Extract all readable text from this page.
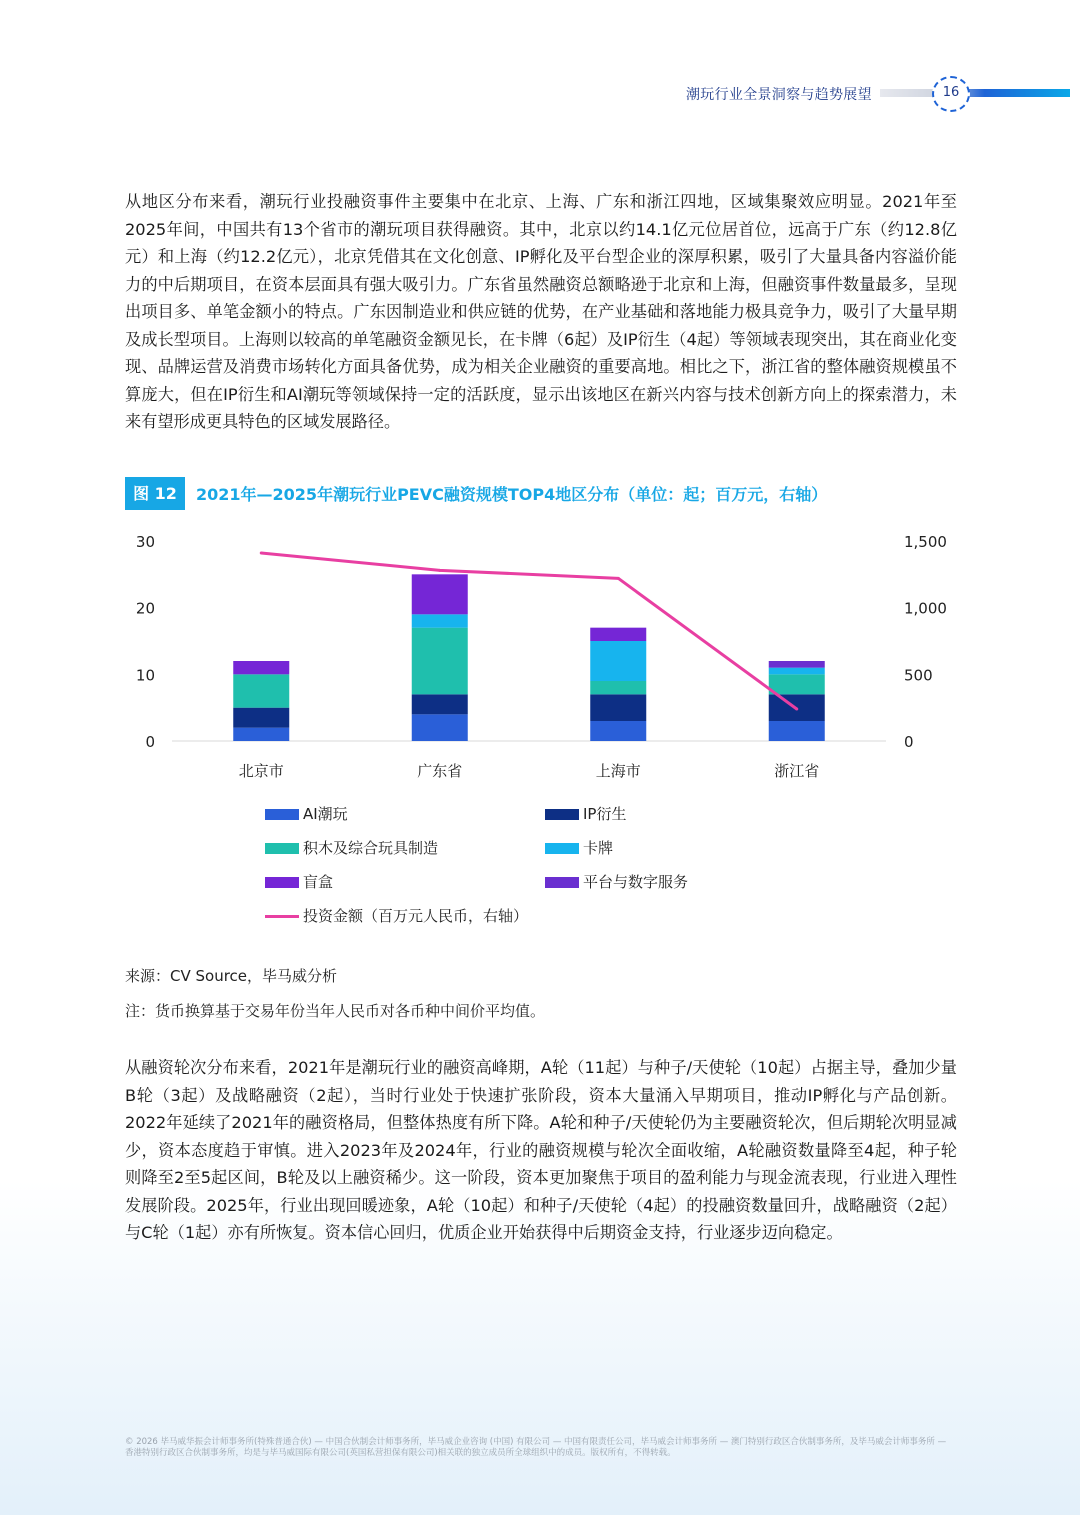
潮玩行业全景洞察与趋势展望	16
从地区分布来看，潮玩行业投融资事件主要集中在北京、上海、广东和浙江四地，区域集聚效应明显。2021年至2025年间，中国共有13个省市的潮玩项目获得融资。其中，北京以约14.1亿元位居首位，远高于广东（约12.8亿元）和上海（约12.2亿元），北京凭借其在文化创意、IP孵化及平台型企业的深厚积累，吸引了大量具备内容溢价能力的中后期项目，在资本层面具有强大吸引力。广东省虽然融资总额略逊于北京和上海，但融资事件数量最多，呈现出项目多、单笔金额小的特点。广东因制造业和供应链的优势，在产业基础和落地能力极具竞争力，吸引了大量早期及成长型项目。上海则以较高的单笔融资金额见长，在卡牌（6起）及IP衍生（4起）等领域表现突出，其在商业化变现、品牌运营及消费市场转化方面具备优势，成为相关企业融资的重要高地。相比之下，浙江省的整体融资规模虽不算庞大，但在IP衍生和AI潮玩等领域保持一定的活跃度，显示出该地区在新兴内容与技术创新方向上的探索潜力，未来有望形成更具特色的区域发展路径。
图 12	2021年—2025年潮玩行业PEVC融资规模TOP4地区分布（单位：起；百万元，右轴）
0
10
20
30
0
500
1,000
1,500
北京市	广东省	上海市	浙江省
AI潮玩	IP衍生
积木及综合玩具制造	卡牌
盲盒	平台与数字服务
投资金额（百万元人民币，右轴）
来源：CV Source，毕马威分析
注：货币换算基于交易年份当年人民币对各币种中间价平均值。
从融资轮次分布来看，2021年是潮玩行业的融资高峰期，A轮（11起）与种子/天使轮（10起）占据主导，叠加少量B轮（3起）及战略融资（2起），当时行业处于快速扩张阶段，资本大量涌入早期项目，推动IP孵化与产品创新。2022年延续了2021年的融资格局，但整体热度有所下降。A轮和种子/天使轮仍为主要融资轮次，但后期轮次明显减少，资本态度趋于审慎。进入2023年及2024年，行业的融资规模与轮次全面收缩，A轮融资数量降至4起，种子轮则降至2至5起区间，B轮及以上融资稀少。这一阶段，资本更加聚焦于项目的盈利能力与现金流表现，行业进入理性发展阶段。2025年，行业出现回暖迹象，A轮（10起）和种子/天使轮（4起）的投融资数量回升，战略融资（2起）与C轮（1起）亦有所恢复。资本信心回归，优质企业开始获得中后期资金支持，行业逐步迈向稳定。
© 2026 毕马威华振会计师事务所(特殊普通合伙) — 中国合伙制会计师事务所，毕马威企业咨询 (中国) 有限公司 — 中国有限责任公司，毕马威会计师事务所 — 澳门特别行政区合伙制事务所，及毕马威会计师事务所 — 香港特别行政区合伙制事务所，均是与毕马威国际有限公司(英国私营担保有限公司)相关联的独立成员所全球组织中的成员。版权所有，不得转载。
